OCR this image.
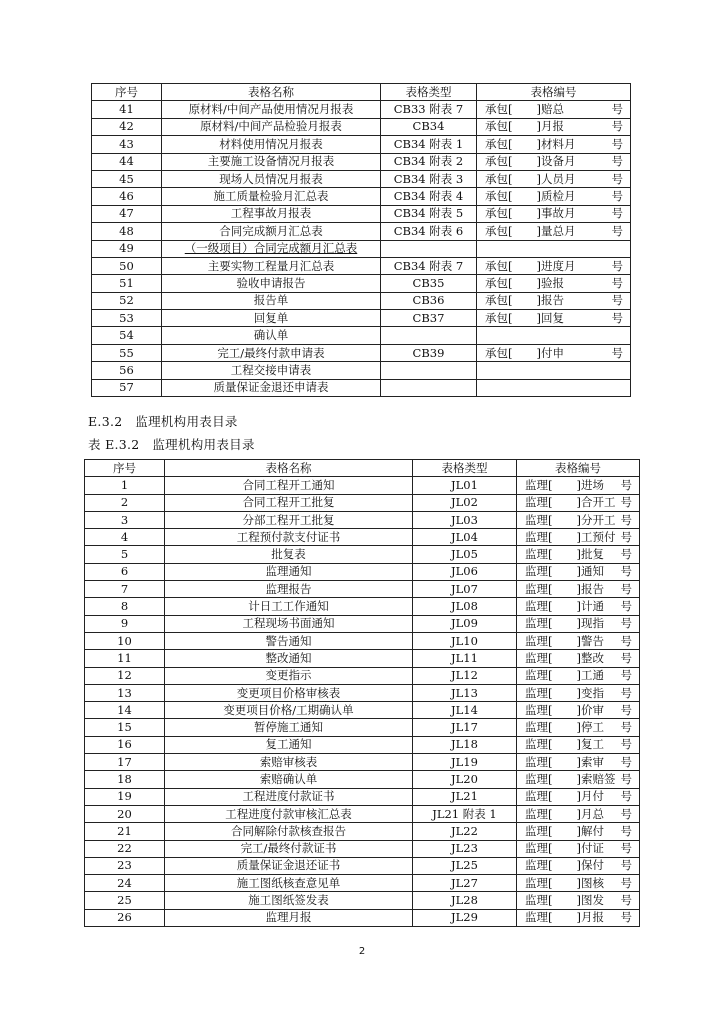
序号	表格名称	表格类型	表格编号
41	原材料/中间产品使用情况月报表	CB33 附表 7	承包[ ]赔总 号

42	原材料/中间产品检验月报表	CB34	承包[ ]月报 号

43	材料使用情况月报表	CB34 附表 1	承包[ ]材料月 号

44	主要施工设备情况月报表	CB34 附表 2	承包[ ]设备月 号

45	现场人员情况月报表	CB34 附表 3	承包[ ]人员月 号

46	施工质量检验月汇总表	CB34 附表 4	承包[ ]质检月 号

47	工程事故月报表	CB34 附表 5	承包[ ]事故月 号

48	合同完成额月汇总表	CB34 附表 6	承包[ ]量总月 号

49	（一级项目）合同完成额月汇总表		

50	主要实物工程量月汇总表	CB34 附表 7	承包[ ]进度月 号

51	验收申请报告	CB35	承包[ ]验报 号

52	报告单	CB36	承包[ ]报告 号

53	回复单	CB37	承包[ ]回复 号

54	确认单		

55	完工/最终付款申请表	CB39	承包[ ]付申 号

56	工程交接申请表		

57	质量保证金退还申请表		
E.3.2　监理机构用表目录
表 E.3.2　监理机构用表目录
序号	表格名称	表格类型	表格编号
1	合同工程开工通知	JL01	监理[ ]进场 号

2	合同工程开工批复	JL02	监理[ ]合开工 号

3	分部工程开工批复	JL03	监理[ ]分开工 号

4	工程预付款支付证书	JL04	监理[ ]工预付 号

5	批复表	JL05	监理[ ]批复 号

6	监理通知	JL06	监理[ ]通知 号

7	监理报告	JL07	监理[ ]报告 号

8	计日工工作通知	JL08	监理[ ]计通 号

9	工程现场书面通知	JL09	监理[ ]现指 号

10	警告通知	JL10	监理[ ]警告 号

11	整改通知	JL11	监理[ ]整改 号

12	变更指示	JL12	监理[ ]工通 号

13	变更项目价格审核表	JL13	监理[ ]变指 号

14	变更项目价格/工期确认单	JL14	监理[ ]价审 号

15	暂停施工通知	JL17	监理[ ]停工 号

16	复工通知	JL18	监理[ ]复工 号

17	索赔审核表	JL19	监理[ ]索审 号

18	索赔确认单	JL20	监理[ ]索赔签 号

19	工程进度付款证书	JL21	监理[ ]月付 号

20	工程进度付款审核汇总表	JL21 附表 1	监理[ ]月总 号

21	合同解除付款核查报告	JL22	监理[ ]解付 号

22	完工/最终付款证书	JL23	监理[ ]付证 号

23	质量保证金退还证书	JL25	监理[ ]保付 号

24	施工图纸核查意见单	JL27	监理[ ]图核 号

25	施工图纸签发表	JL28	监理[ ]图发 号

26	监理月报	JL29	监理[ ]月报 号
2
